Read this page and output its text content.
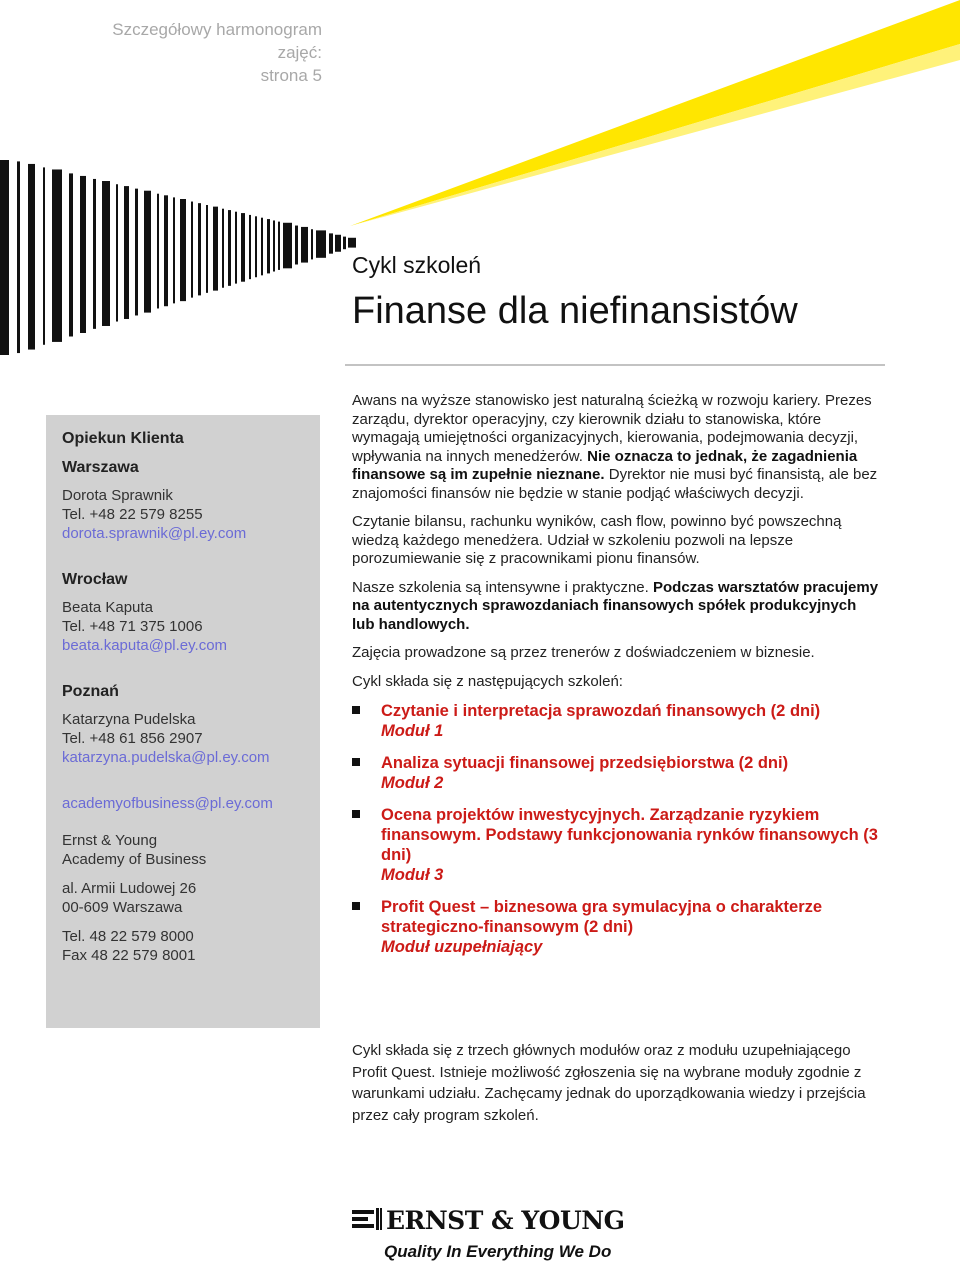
Szczegółowy harmonogram zajęć:
strona 5
Cykl szkoleń
Finanse dla niefinansistów
Opiekun Klienta
Warszawa
Dorota Sprawnik
Tel. +48 22 579 8255
dorota.sprawnik@pl.ey.com
Wrocław
Beata Kaputa
Tel. +48 71 375 1006
beata.kaputa@pl.ey.com
Poznań
Katarzyna Pudelska
Tel. +48 61 856 2907
katarzyna.pudelska@pl.ey.com
academyofbusiness@pl.ey.com
Ernst & Young
Academy of Business
al. Armii Ludowej 26
00-609 Warszawa
Tel. 48 22 579 8000
Fax 48 22 579 8001

Awans na wyższe stanowisko jest naturalną ścieżką w rozwoju kariery. Prezes zarządu, dyrektor operacyjny, czy kierownik działu to stanowiska, które wymagają umiejętności organizacyjnych, kierowania, podejmowania decyzji, wpływania na innych menedżerów. Nie oznacza to jednak, że zagadnienia finansowe są im zupełnie nieznane. Dyrektor nie musi być finansistą, ale bez znajomości finansów nie będzie w stanie podjąć właściwych decyzji.

Czytanie bilansu, rachunku wyników, cash flow, powinno być powszechną wiedzą każdego menedżera. Udział w szkoleniu pozwoli na lepsze porozumiewanie się z pracownikami pionu finansów.

Nasze szkolenia są intensywne i praktyczne. Podczas warsztatów pracujemy na autentycznych sprawozdaniach finansowych spółek produkcyjnych lub handlowych.

Zajęcia prowadzone są przez trenerów z doświadczeniem w biznesie.

Cykl składa się z następujących szkoleń:

Czytanie i interpretacja sprawozdań finansowych (2 dni)
Moduł 1
Analiza sytuacji finansowej przedsiębiorstwa (2 dni)
Moduł 2
Ocena projektów inwestycyjnych. Zarządzanie ryzykiem finansowym. Podstawy funkcjonowania rynków finansowych (3 dni)
Moduł 3
Profit Quest – biznesowa gra symulacyjna o charakterze strategiczno-finansowym (2 dni)
Moduł uzupełniający
Cykl składa się z trzech głównych modułów oraz z modułu uzupełniającego Profit Quest. Istnieje możliwość zgłoszenia się na wybrane moduły zgodnie z warunkami udziału. Zachęcamy jednak do uporządkowania wiedzy i przejścia przez cały program szkoleń.
ERNST & YOUNG
Quality In Everything We Do
